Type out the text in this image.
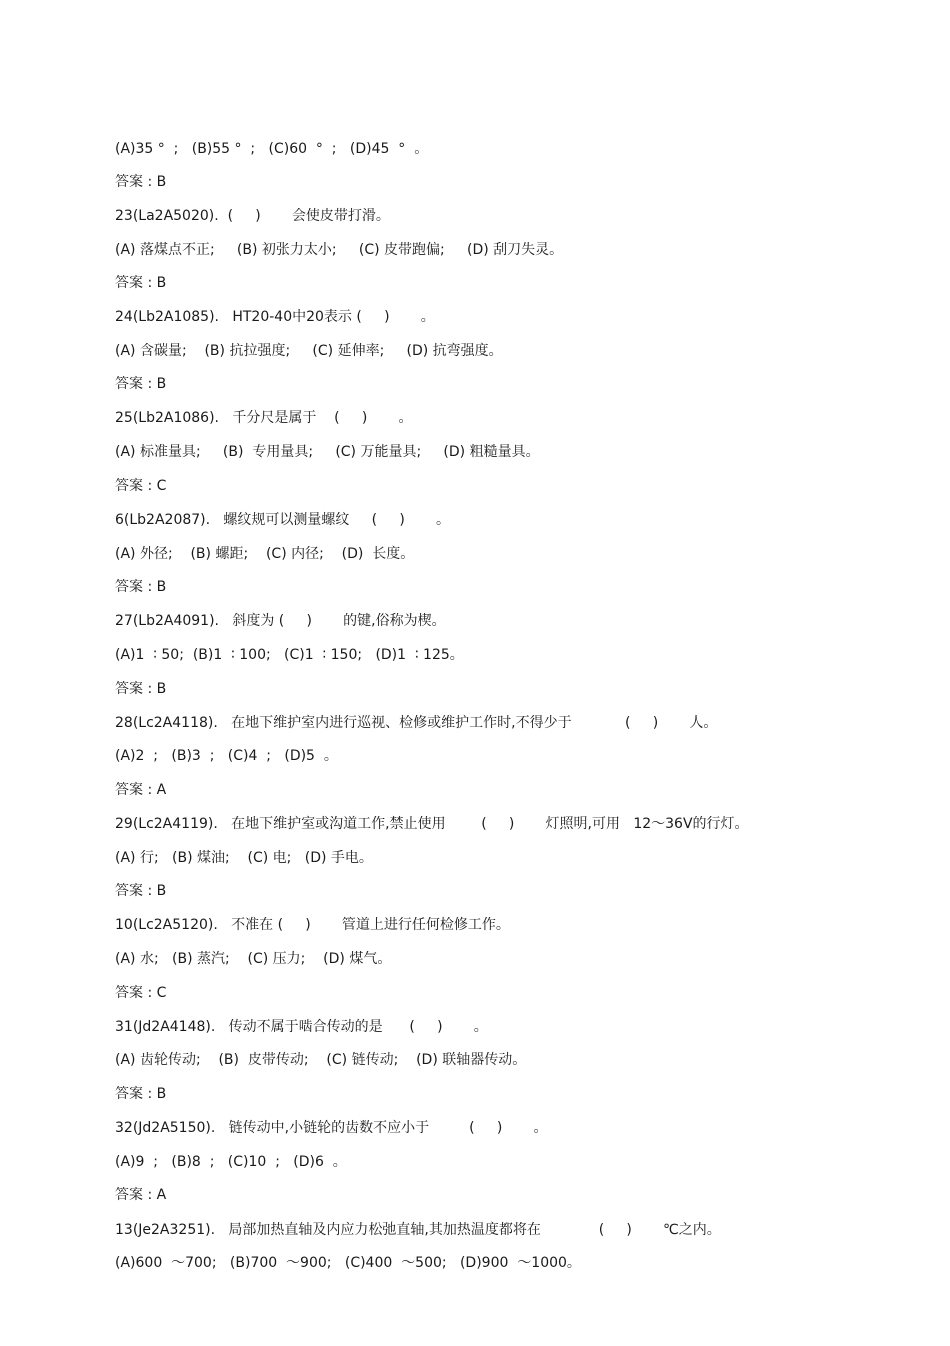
(A)35 °  ;   (B)55 °  ;   (C)60  °  ;   (D)45  °  。
答案 : B
23(La2A5020).  (     )       会使皮带打滑。
(A) 落煤点不正;     (B) 初张力太小;     (C) 皮带跑偏;     (D) 刮刀失灵。
答案 : B
24(Lb2A1085).   HT20-40中20表示 (     )       。
(A) 含碳量;    (B) 抗拉强度;     (C) 延伸率;     (D) 抗弯强度。
答案 : B
25(Lb2A1086).   千分尺是属于    (     )       。
(A) 标准量具;     (B)  专用量具;     (C) 万能量具;     (D) 粗糙量具。
答案 : C
6(Lb2A2087).   螺纹规可以测量螺纹     (     )       。
(A) 外径;    (B) 螺距;    (C) 内径;    (D)  长度。
答案 : B
27(Lb2A4091).   斜度为 (     )       的键,俗称为楔。
(A)1  ∶ 50;  (B)1  ∶ 100;   (C)1  ∶ 150;   (D)1  ∶ 125。
答案 : B
28(Lc2A4118).   在地下维护室内进行巡视、检修或维护工作时,不得少于            (     )       人。
(A)2  ;   (B)3  ;   (C)4  ;   (D)5  。
答案 : A
29(Lc2A4119).   在地下维护室或沟道工作,禁止使用        (     )       灯照明,可用   12～36V的行灯。
(A) 行;   (B) 煤油;    (C) 电;   (D) 手电。
答案 : B
10(Lc2A5120).   不准在 (     )       管道上进行任何检修工作。
(A) 水;   (B) 蒸汽;    (C) 压力;    (D) 煤气。
答案 : C
31(Jd2A4148).   传动不属于啮合传动的是      (     )       。
(A) 齿轮传动;    (B)  皮带传动;    (C) 链传动;    (D) 联轴器传动。
答案 : B
32(Jd2A5150).   链传动中,小链轮的齿数不应小于         (     )       。
(A)9  ;   (B)8  ;   (C)10  ;   (D)6  。
答案 : A
13(Je2A3251).   局部加热直轴及内应力松弛直轴,其加热温度都将在             (     )       ℃之内。
(A)600  ～700;   (B)700  ～900;   (C)400  ～500;   (D)900  ～1000。
